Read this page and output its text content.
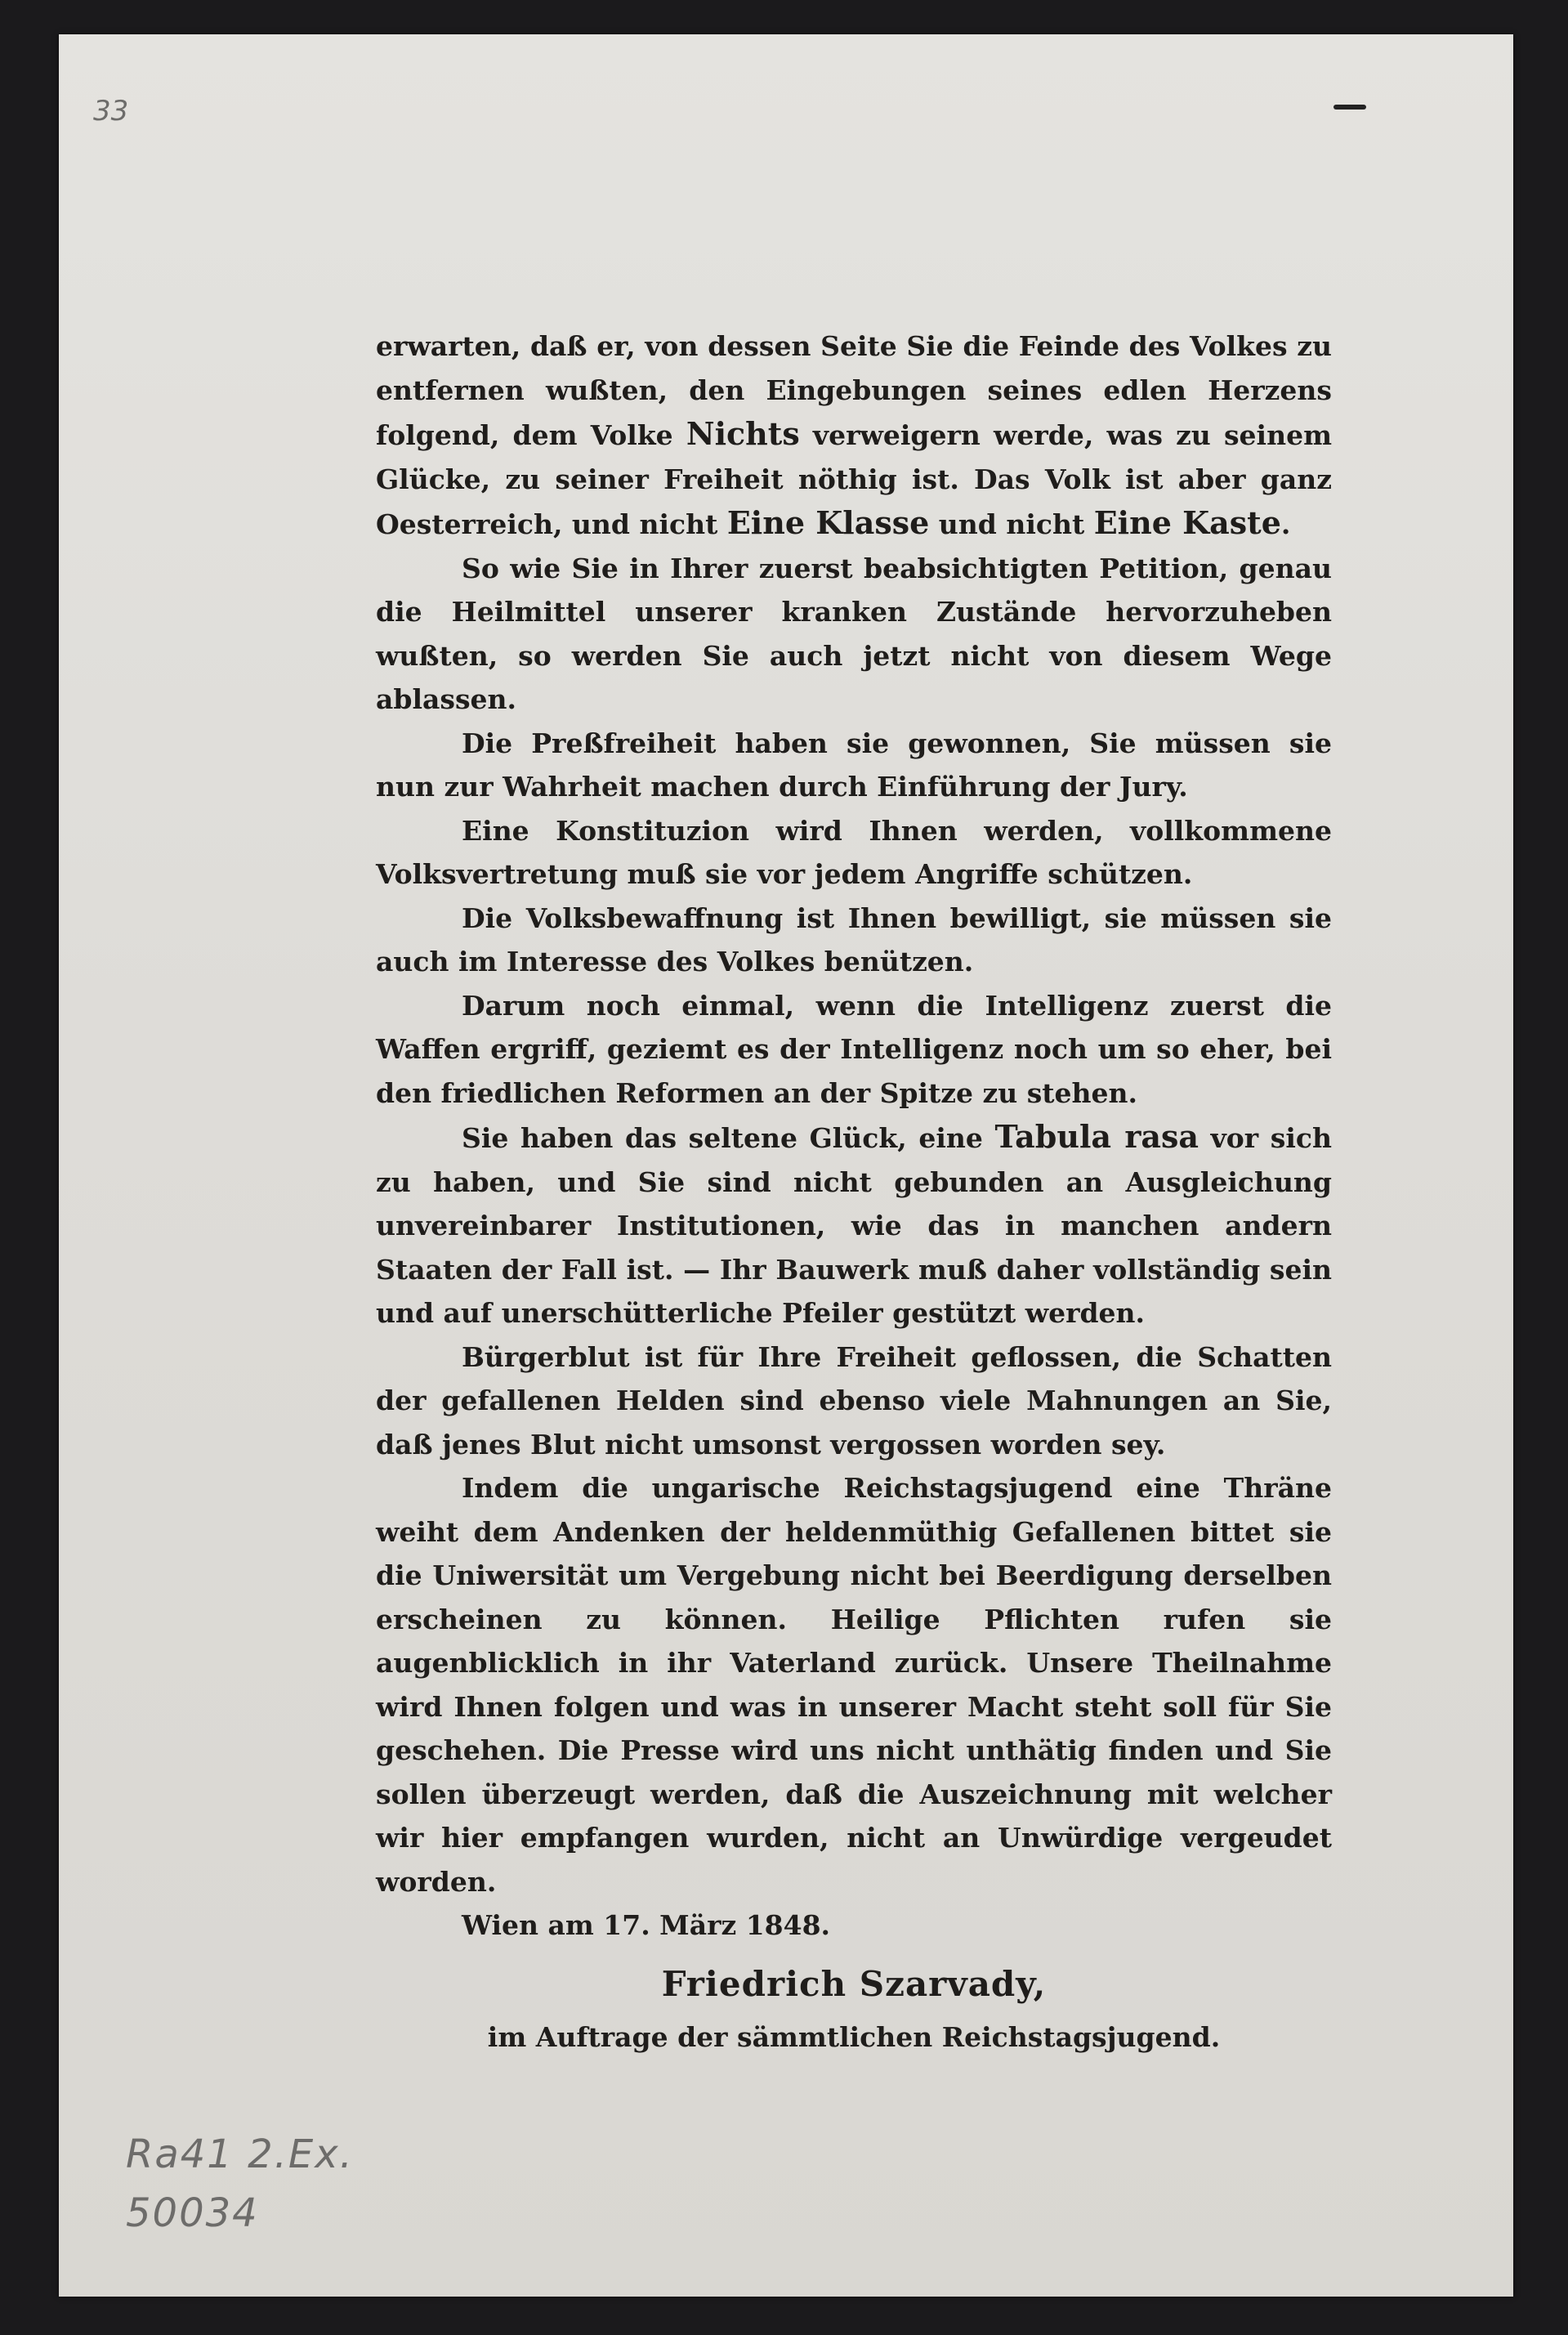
33

erwarten, daß er, von dessen Seite Sie die Feinde des Volkes zu entfernen wußten, den Eingebungen seines edlen Herzens folgend, dem Volke Nichts verweigern werde, was zu seinem Glücke, zu seiner Freiheit nöthig ist. Das Volk ist aber ganz Oesterreich, und nicht Eine Klasse und nicht Eine Kaste.

So wie Sie in Ihrer zuerst beabsichtigten Petition, genau die Heilmittel unserer kranken Zustände hervorzuheben wußten, so werden Sie auch jetzt nicht von diesem Wege ablassen.

Die Preßfreiheit haben sie gewonnen, Sie müssen sie nun zur Wahrheit machen durch Einführung der Jury.

Eine Konstituzion wird Ihnen werden, vollkommene Volksvertretung muß sie vor jedem Angriffe schützen.

Die Volksbewaffnung ist Ihnen bewilligt, sie müssen sie auch im Interesse des Volkes benützen.

Darum noch einmal, wenn die Intelligenz zuerst die Waffen ergriff, geziemt es der Intelligenz noch um so eher, bei den friedlichen Reformen an der Spitze zu stehen.

Sie haben das seltene Glück, eine Tabula rasa vor sich zu haben, und Sie sind nicht gebunden an Ausgleichung unvereinbarer Institutionen, wie das in manchen andern Staaten der Fall ist. — Ihr Bauwerk muß daher vollständig sein und auf unerschütterliche Pfeiler gestützt werden.

Bürgerblut ist für Ihre Freiheit geflossen, die Schatten der gefallenen Helden sind ebenso viele Mahnungen an Sie, daß jenes Blut nicht umsonst vergossen worden sey.

Indem die ungarische Reichstagsjugend eine Thräne weiht dem Andenken der heldenmüthig Gefallenen bittet sie die Uniwersität um Vergebung nicht bei Beerdigung derselben erscheinen zu können. Heilige Pflichten rufen sie augenblicklich in ihr Vaterland zurück. Unsere Theilnahme wird Ihnen folgen und was in unserer Macht steht soll für Sie geschehen. Die Presse wird uns nicht unthätig finden und Sie sollen überzeugt werden, daß die Auszeichnung mit welcher wir hier empfangen wurden, nicht an Unwürdige vergeudet worden.

Wien am 17. März 1848.

Friedrich Szarvady,
im Auftrage der sämmtlichen Reichstagsjugend.
Ra41 2.Ex.
50034
